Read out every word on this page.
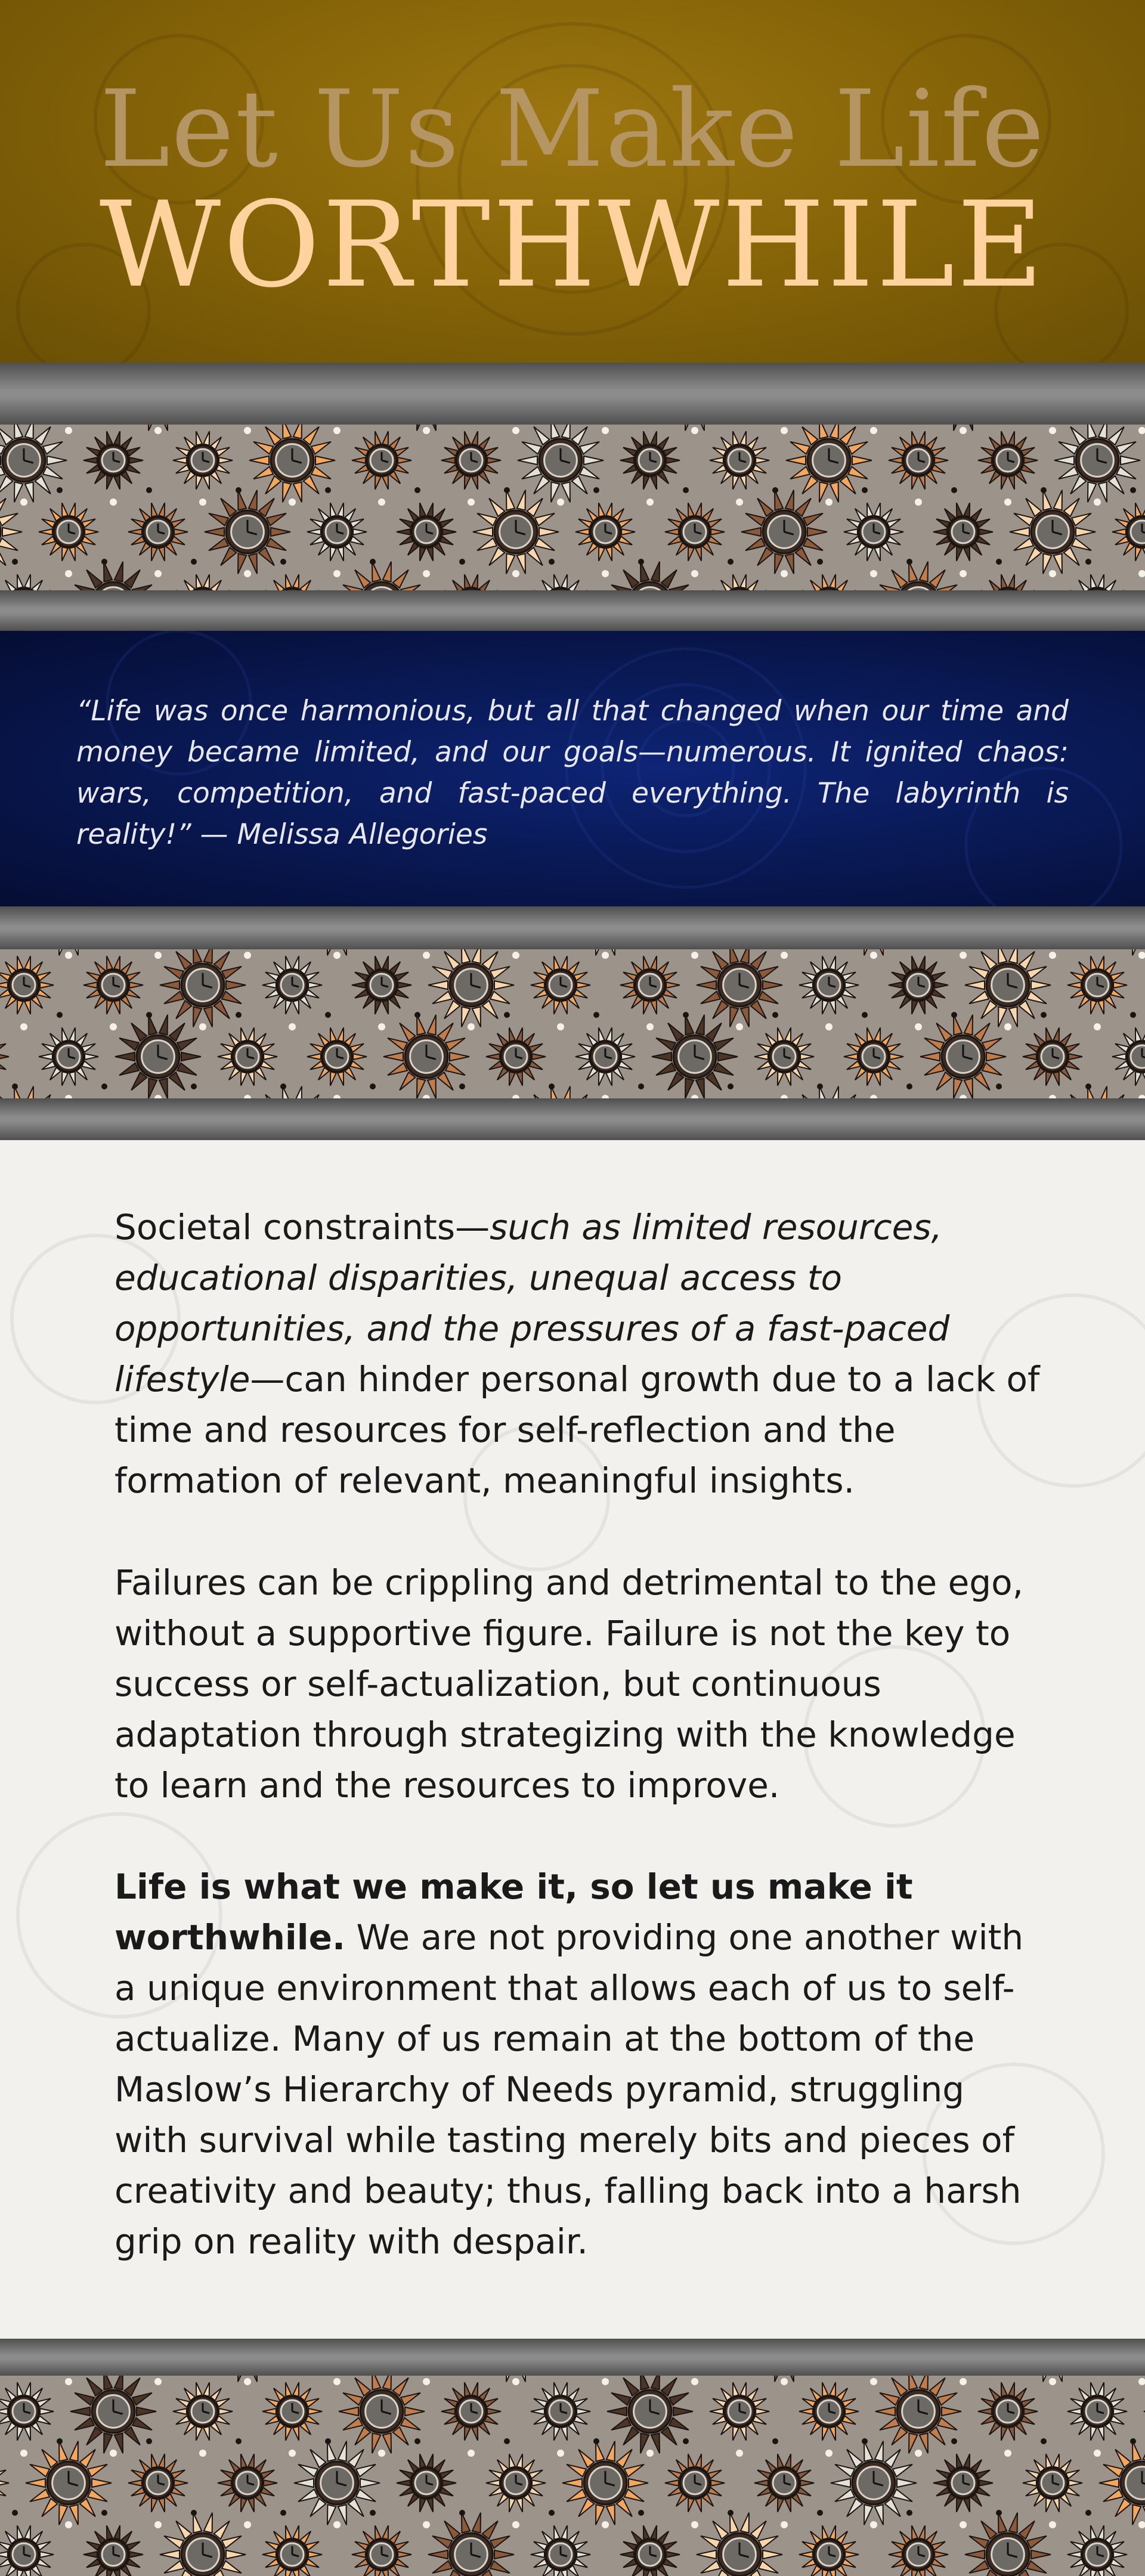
Let Us Make Life
WORTHWHILE

“Life was once harmonious, but all that changed when our time and money became limited, and our goals—numerous. It ignited chaos: wars, competition, and fast-paced everything. The labyrinth is reality!” — Melissa Allegories

Societal constraints—such as limited resources, educational disparities, unequal access to opportunities, and the pressures of a fast-paced lifestyle—can hinder personal growth due to a lack of time and resources for self-reflection and the formation of relevant, meaningful insights.

Failures can be crippling and detrimental to the ego, without a supportive figure. Failure is not the key to success or self-actualization, but continuous adaptation through strategizing with the knowledge to learn and the resources to improve.

Life is what we make it, so let us make it worthwhile. We are not providing one another with a unique environment that allows each of us to self-actualize. Many of us remain at the bottom of the Maslow’s Hierarchy of Needs pyramid, struggling with survival while tasting merely bits and pieces of creativity and beauty; thus, falling back into a harsh grip on reality with despair.
